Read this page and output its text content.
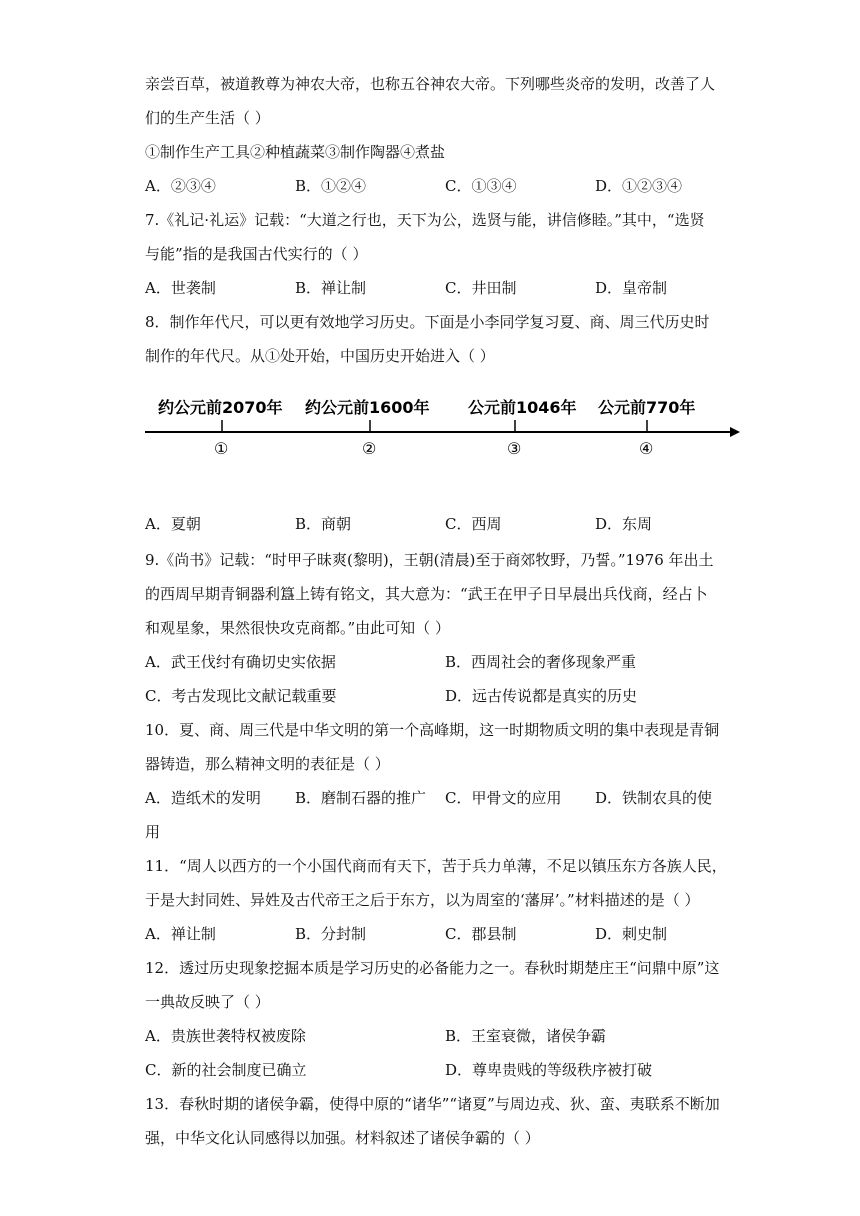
亲尝百草，被道教尊为神农大帝，也称五谷神农大帝。下列哪些炎帝的发明，改善了人
们的生产生活（ ）
①制作生产工具②种植蔬菜③制作陶器④煮盐
A．②③④	B．①②④	C．①③④	D．①②③④
7.《礼记·礼运》记载：“大道之行也，天下为公，选贤与能，讲信修睦。”其中，“选贤
与能”指的是我国古代实行的（ ）
A．世袭制	B．禅让制	C．井田制	D．皇帝制
8．制作年代尺，可以更有效地学习历史。下面是小李同学复习夏、商、周三代历史时
制作的年代尺。从①处开始，中国历史开始进入（ ）
约公元前2070年 约公元前1600年 公元前1046年 公元前770年
①	②	③	④
A．夏朝	B．商朝	C．西周	D．东周
9.《尚书》记载：“时甲子昧爽(黎明)，王朝(清晨)至于商郊牧野，乃誓。”1976 年出土
的西周早期青铜器利簋上铸有铭文，其大意为：“武王在甲子日早晨出兵伐商，经占卜
和观星象，果然很快攻克商都。”由此可知（ ）
A．武王伐纣有确切史实依据	B．西周社会的奢侈现象严重
C．考古发现比文献记载重要	D．远古传说都是真实的历史
10．夏、商、周三代是中华文明的第一个高峰期，这一时期物质文明的集中表现是青铜
器铸造，那么精神文明的表征是（ ）
A．造纸术的发明 B．磨制石器的推广 C．甲骨文的应用 D．铁制农具的使
用
11．“周人以西方的一个小国代商而有天下，苦于兵力单薄，不足以镇压东方各族人民，
于是大封同姓、异姓及古代帝王之后于东方，以为周室的‘藩屏’。”材料描述的是（ ）
A．禅让制	B．分封制	C．郡县制	D．刺史制
12．透过历史现象挖掘本质是学习历史的必备能力之一。春秋时期楚庄王“问鼎中原”这
一典故反映了（ ）
A．贵族世袭特权被废除	B．王室衰微，诸侯争霸
C．新的社会制度已确立	D．尊卑贵贱的等级秩序被打破
13．春秋时期的诸侯争霸，使得中原的“诸华”“诸夏”与周边戎、狄、蛮、夷联系不断加
强，中华文化认同感得以加强。材料叙述了诸侯争霸的（ ）
